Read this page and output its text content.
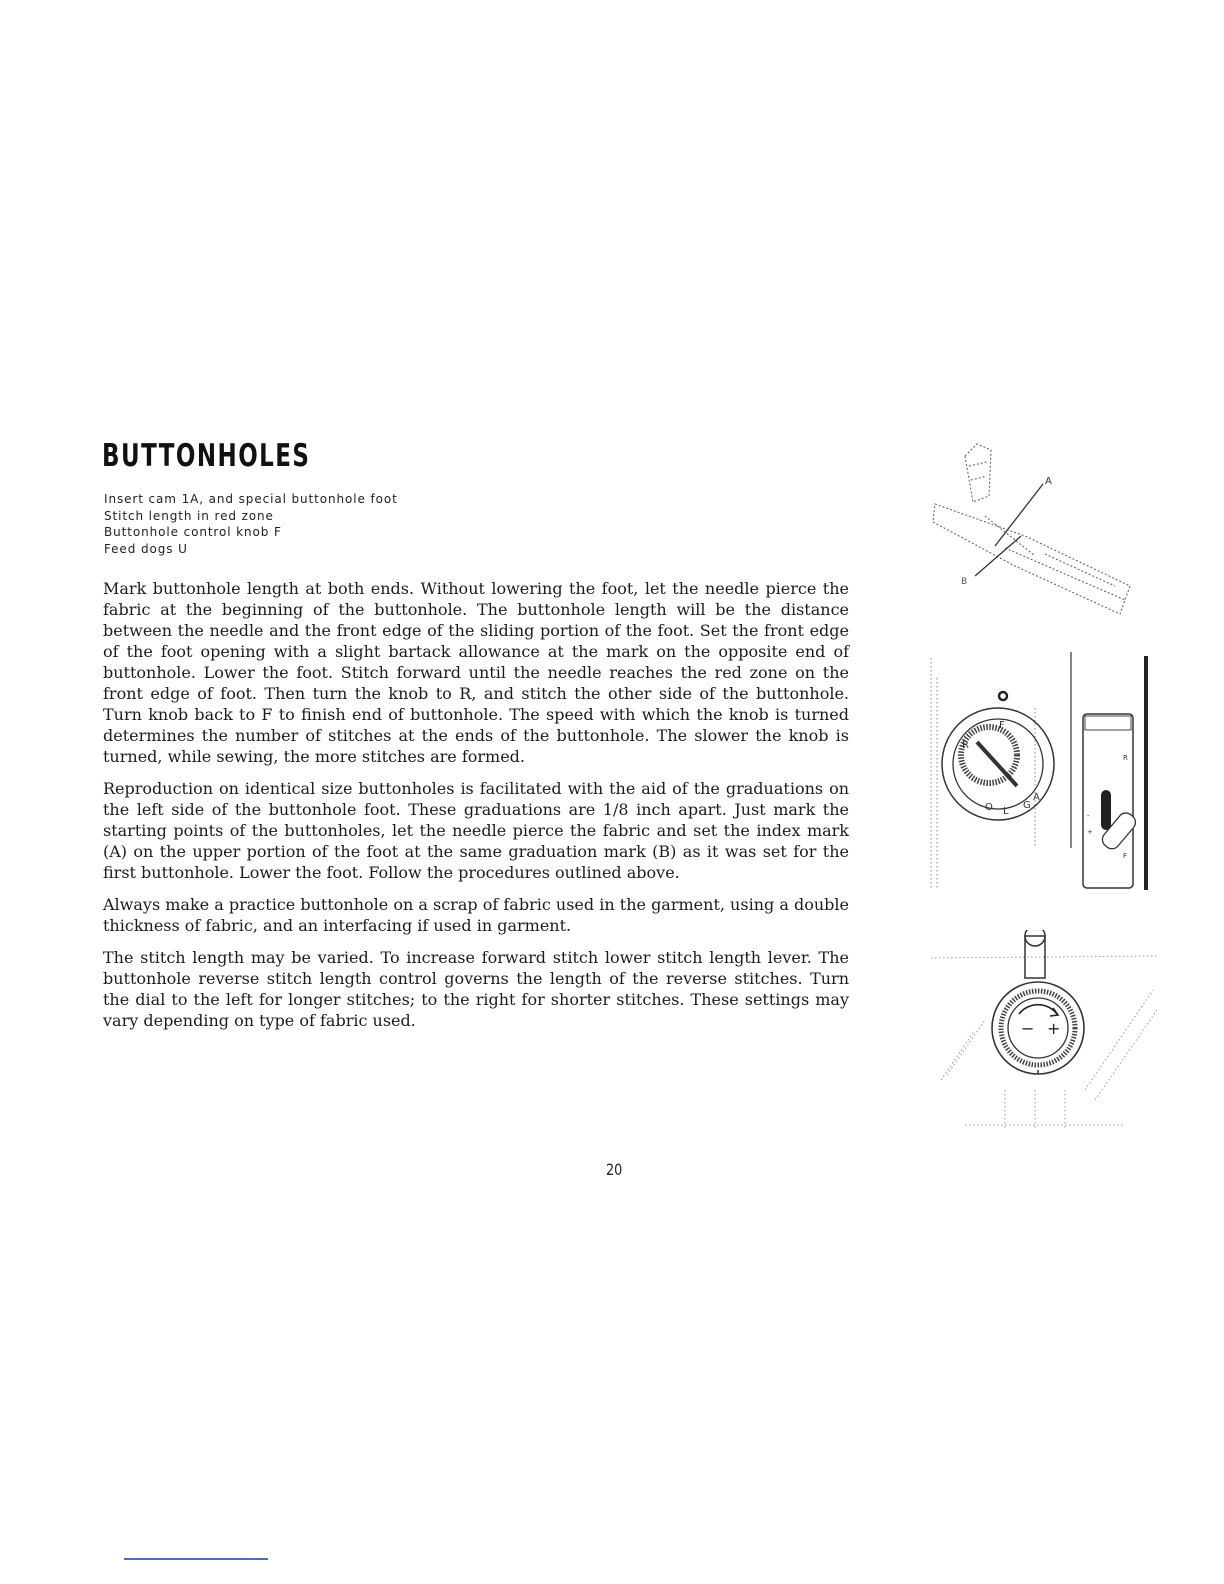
BUTTONHOLES
Insert cam 1A, and special buttonhole foot
Stitch length in red zone
Buttonhole control knob F
Feed dogs U

Mark buttonhole length at both ends. Without lowering the foot, let the needle pierce the fabric at the beginning of the buttonhole. The buttonhole length will be the distance between the needle and the front edge of the sliding portion of the foot. Set the front edge of the foot opening with a slight bartack allowance at the mark on the opposite end of buttonhole. Lower the foot. Stitch forward until the needle reaches the red zone on the front edge of foot. Then turn the knob to R, and stitch the other side of the buttonhole. Turn knob back to F to finish end of buttonhole. The speed with which the knob is turned determines the number of stitches at the ends of the buttonhole. The slower the knob is turned, while sewing, the more stitches are formed.

Reproduction on identical size buttonholes is facilitated with the aid of the graduations on the left side of the buttonhole foot. These graduations are 1/8 inch apart. Just mark the starting points of the buttonholes, let the needle pierce the fabric and set the index mark (A) on the upper portion of the foot at the same graduation mark (B) as it was set for the first buttonhole. Lower the foot. Follow the procedures outlined above.

Always make a practice buttonhole on a scrap of fabric used in the garment, using a double thickness of fabric, and an interfacing if used in garment.

The stitch length may be varied. To increase forward stitch lower stitch length lever. The buttonhole reverse stitch length control governs the length of the reverse stitches. Turn the dial to the left for longer stitches; to the right for shorter stitches. These settings may vary depending on type of fabric used.

20
A
B
F
R
O L
G
A
R
F
+
-
− +
